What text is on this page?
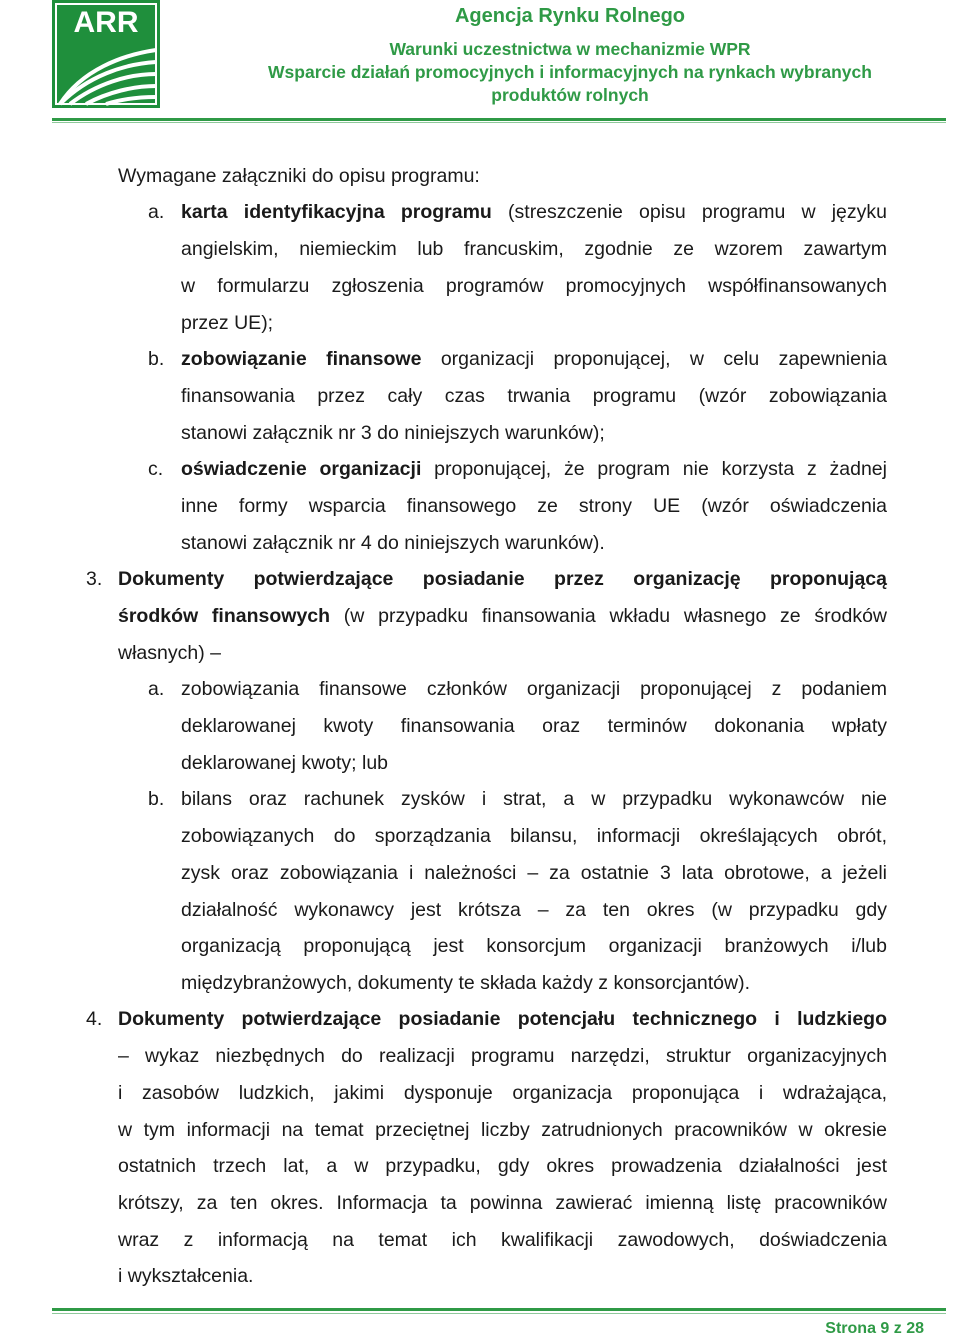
ARR	Agencja Rynku Rolnego
Warunki uczestnictwa w mechanizmie WPR
Wsparcie działań promocyjnych i informacyjnych na rynkach wybranych
produktów rolnych
Wymagane załączniki do opisu programu:
a. karta identyfikacyjna programu (streszczenie opisu programu w języku
angielskim, niemieckim lub francuskim, zgodnie ze wzorem zawartym
w formularzu zgłoszenia programów promocyjnych współfinansowanych
przez UE);
b. zobowiązanie finansowe organizacji proponującej, w celu zapewnienia
finansowania przez cały czas trwania programu (wzór zobowiązania
stanowi załącznik nr 3 do niniejszych warunków);
c. oświadczenie organizacji proponującej, że program nie korzysta z żadnej
inne formy wsparcia finansowego ze strony UE (wzór oświadczenia
stanowi załącznik nr 4 do niniejszych warunków).
3. Dokumenty potwierdzające posiadanie przez organizację proponującą
środków finansowych (w przypadku finansowania wkładu własnego ze środków
własnych) –
a. zobowiązania finansowe członków organizacji proponującej z podaniem
deklarowanej kwoty finansowania oraz terminów dokonania wpłaty
deklarowanej kwoty; lub
b. bilans oraz rachunek zysków i strat, a w przypadku wykonawców nie
zobowiązanych do sporządzania bilansu, informacji określających obrót,
zysk oraz zobowiązania i należności – za ostatnie 3 lata obrotowe, a jeżeli
działalność wykonawcy jest krótsza – za ten okres (w przypadku gdy
organizacją proponującą jest konsorcjum organizacji branżowych i/lub
międzybranżowych, dokumenty te składa każdy z konsorcjantów).
4. Dokumenty potwierdzające posiadanie potencjału technicznego i ludzkiego
– wykaz niezbędnych do realizacji programu narzędzi, struktur organizacyjnych
i zasobów ludzkich, jakimi dysponuje organizacja proponująca i wdrażająca,
w tym informacji na temat przeciętnej liczby zatrudnionych pracowników w okresie
ostatnich trzech lat, a w przypadku, gdy okres prowadzenia działalności jest
krótszy, za ten okres. Informacja ta powinna zawierać imienną listę pracowników
wraz z informacją na temat ich kwalifikacji zawodowych, doświadczenia
i wykształcenia.
Strona 9 z 28
